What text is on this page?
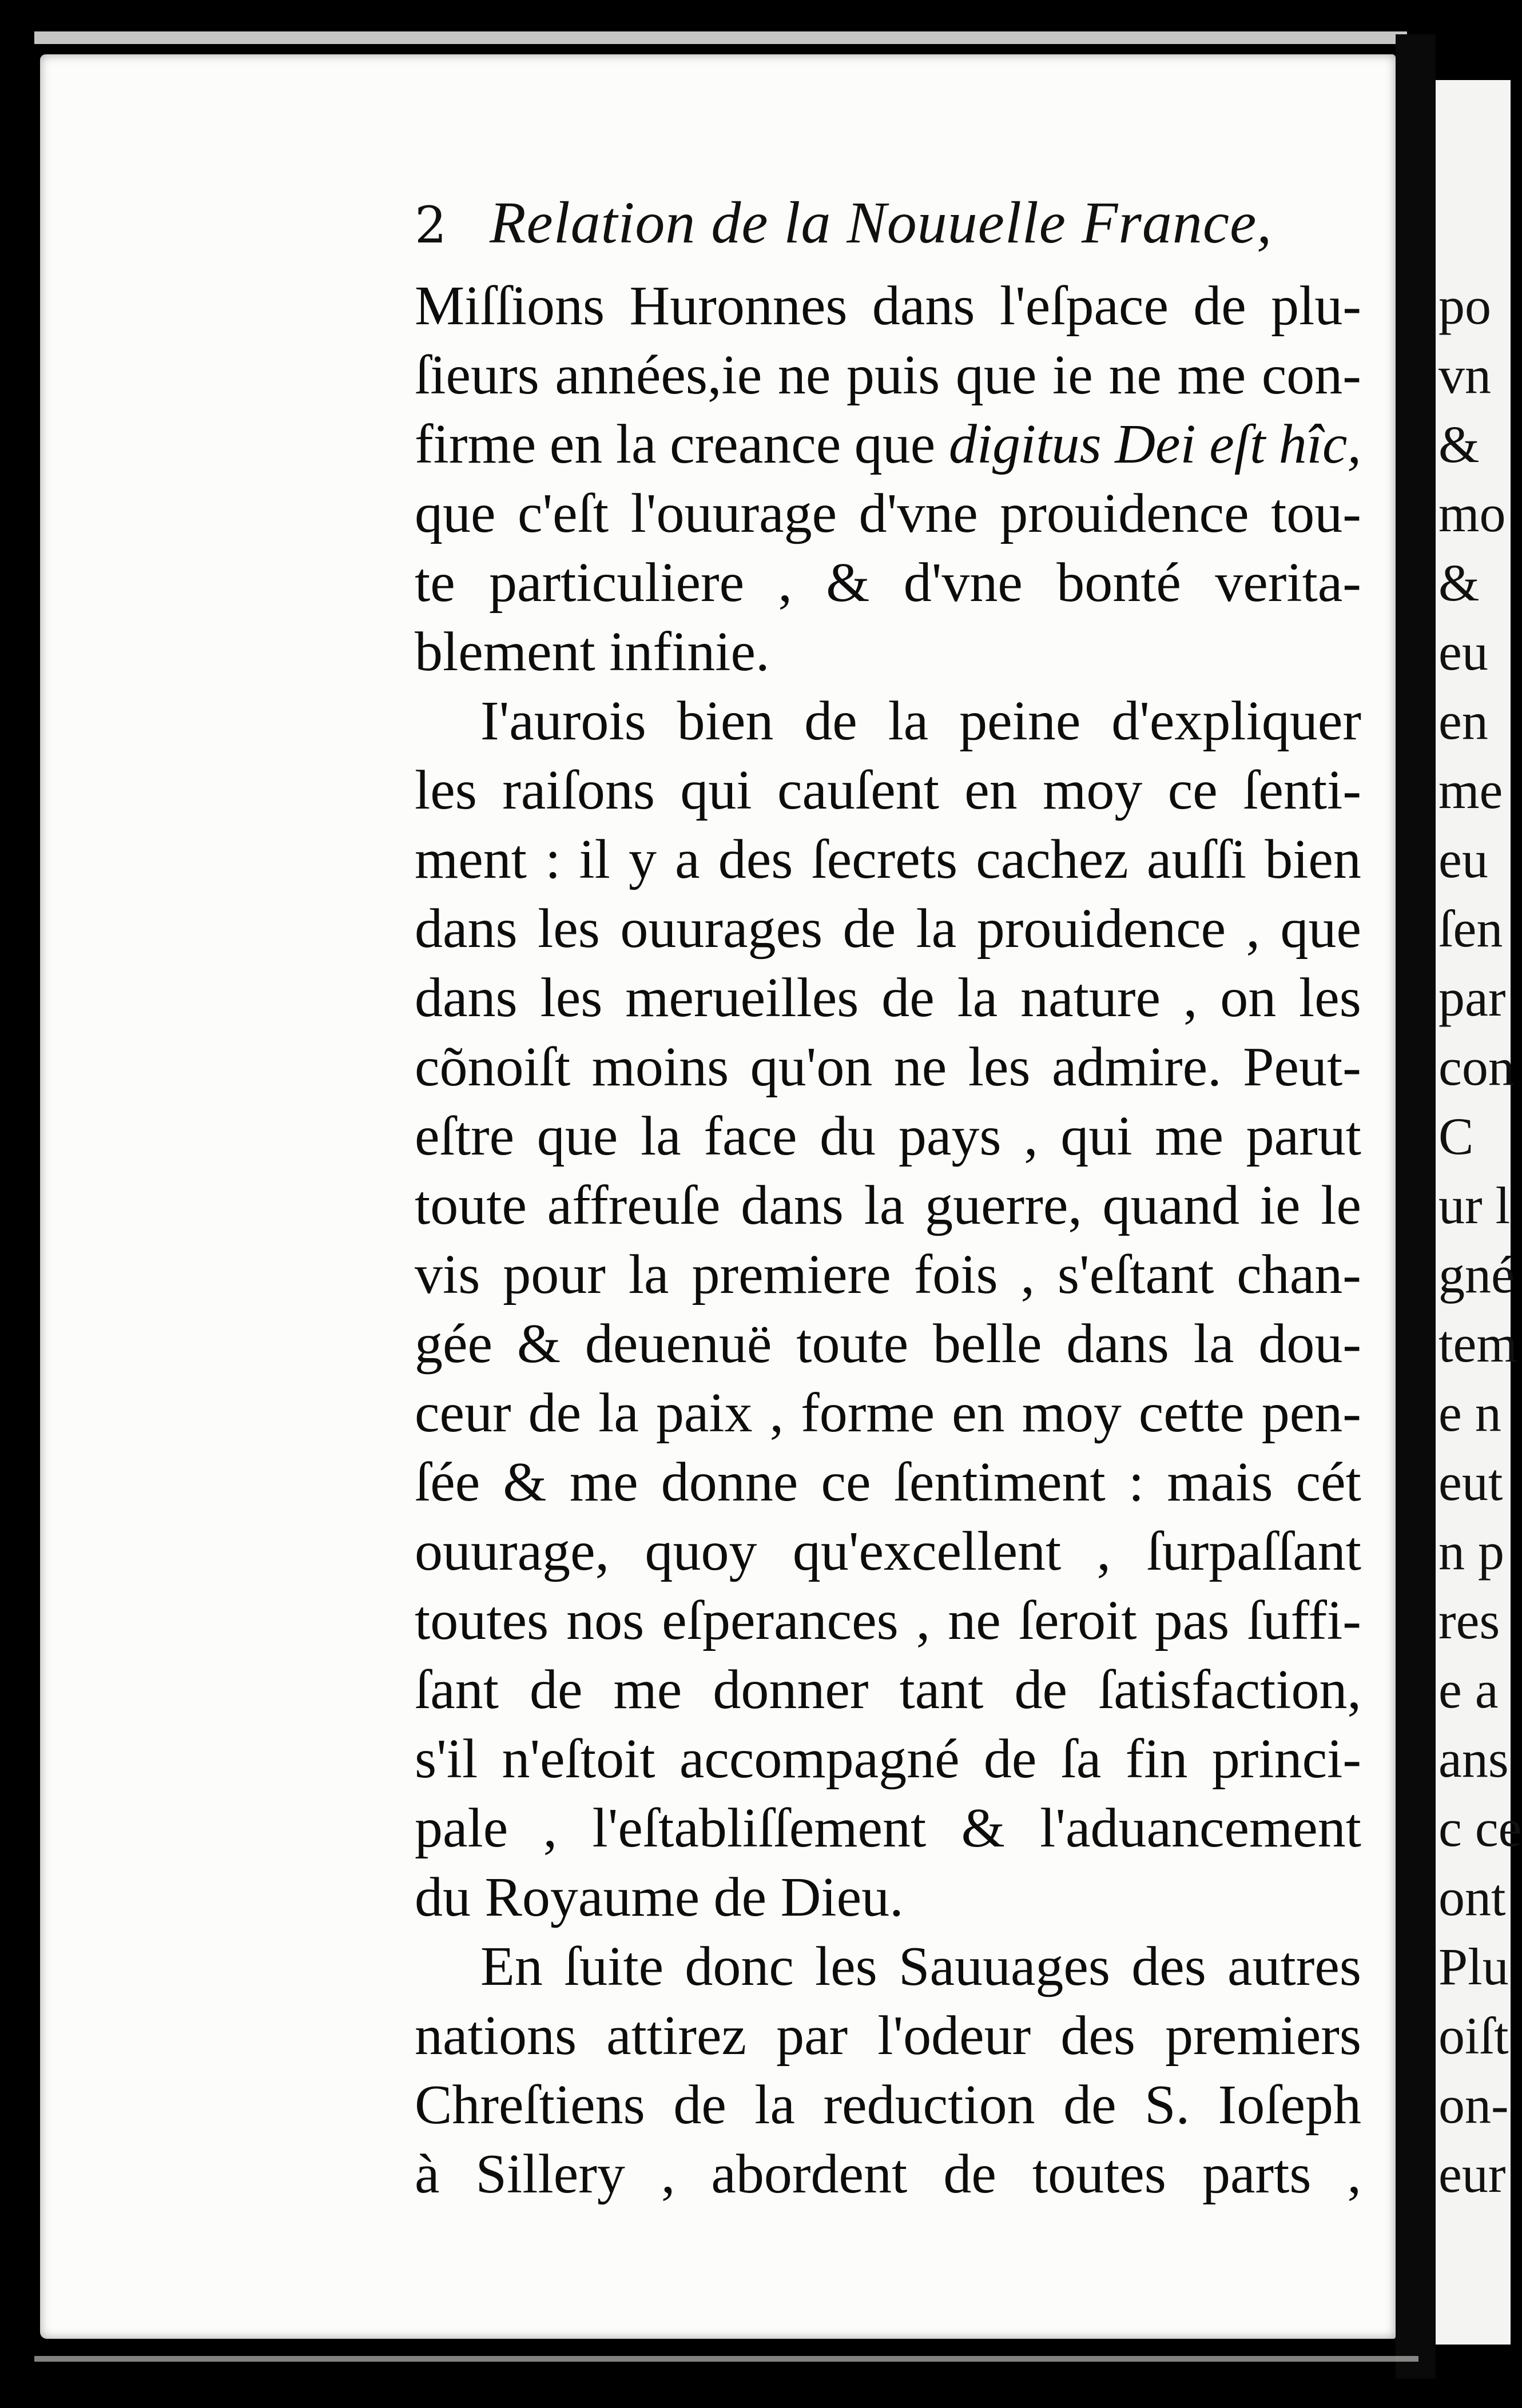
2 Relation de la Nouuelle France,
Miſſions Huronnes dans l'eſpace de plu-
ſieurs années,ie ne puis que ie ne me con-
firme en la creance que digitus Dei eſt hîc,
que c'eſt l'ouurage d'vne prouidence tou-
te particuliere , & d'vne bonté verita-
blement infinie.
I'aurois bien de la peine d'expliquer
les raiſons qui cauſent en moy ce ſenti-
ment : il y a des ſecrets cachez auſſi bien
dans les ouurages de la prouidence , que
dans les merueilles de la nature , on les
cõnoiſt moins qu'on ne les admire. Peut-
eſtre que la face du pays , qui me parut
toute affreuſe dans la guerre, quand ie le
vis pour la premiere fois , s'eſtant chan-
gée & deuenuë toute belle dans la dou-
ceur de la paix , forme en moy cette pen-
ſée & me donne ce ſentiment : mais cét
ouurage, quoy qu'excellent , ſurpaſſant
toutes nos eſperances , ne ſeroit pas ſuffi-
ſant de me donner tant de ſatisfaction,
s'il n'eſtoit accompagné de ſa fin princi-
pale , l'eſtabliſſement & l'aduancement
du Royaume de Dieu.
En ſuite donc les Sauuages des autres
nations attirez par l'odeur des premiers
Chreſtiens de la reduction de S. Ioſeph
à Sillery , abordent de toutes parts ,
po
vn
&
mo
&
eu
en
me
eu
ſen
par
con
C
ur l
gné
tem
e n
eut
n p
res
e a
ans
c ce
ont
Plu
oiſt
on-
eur
